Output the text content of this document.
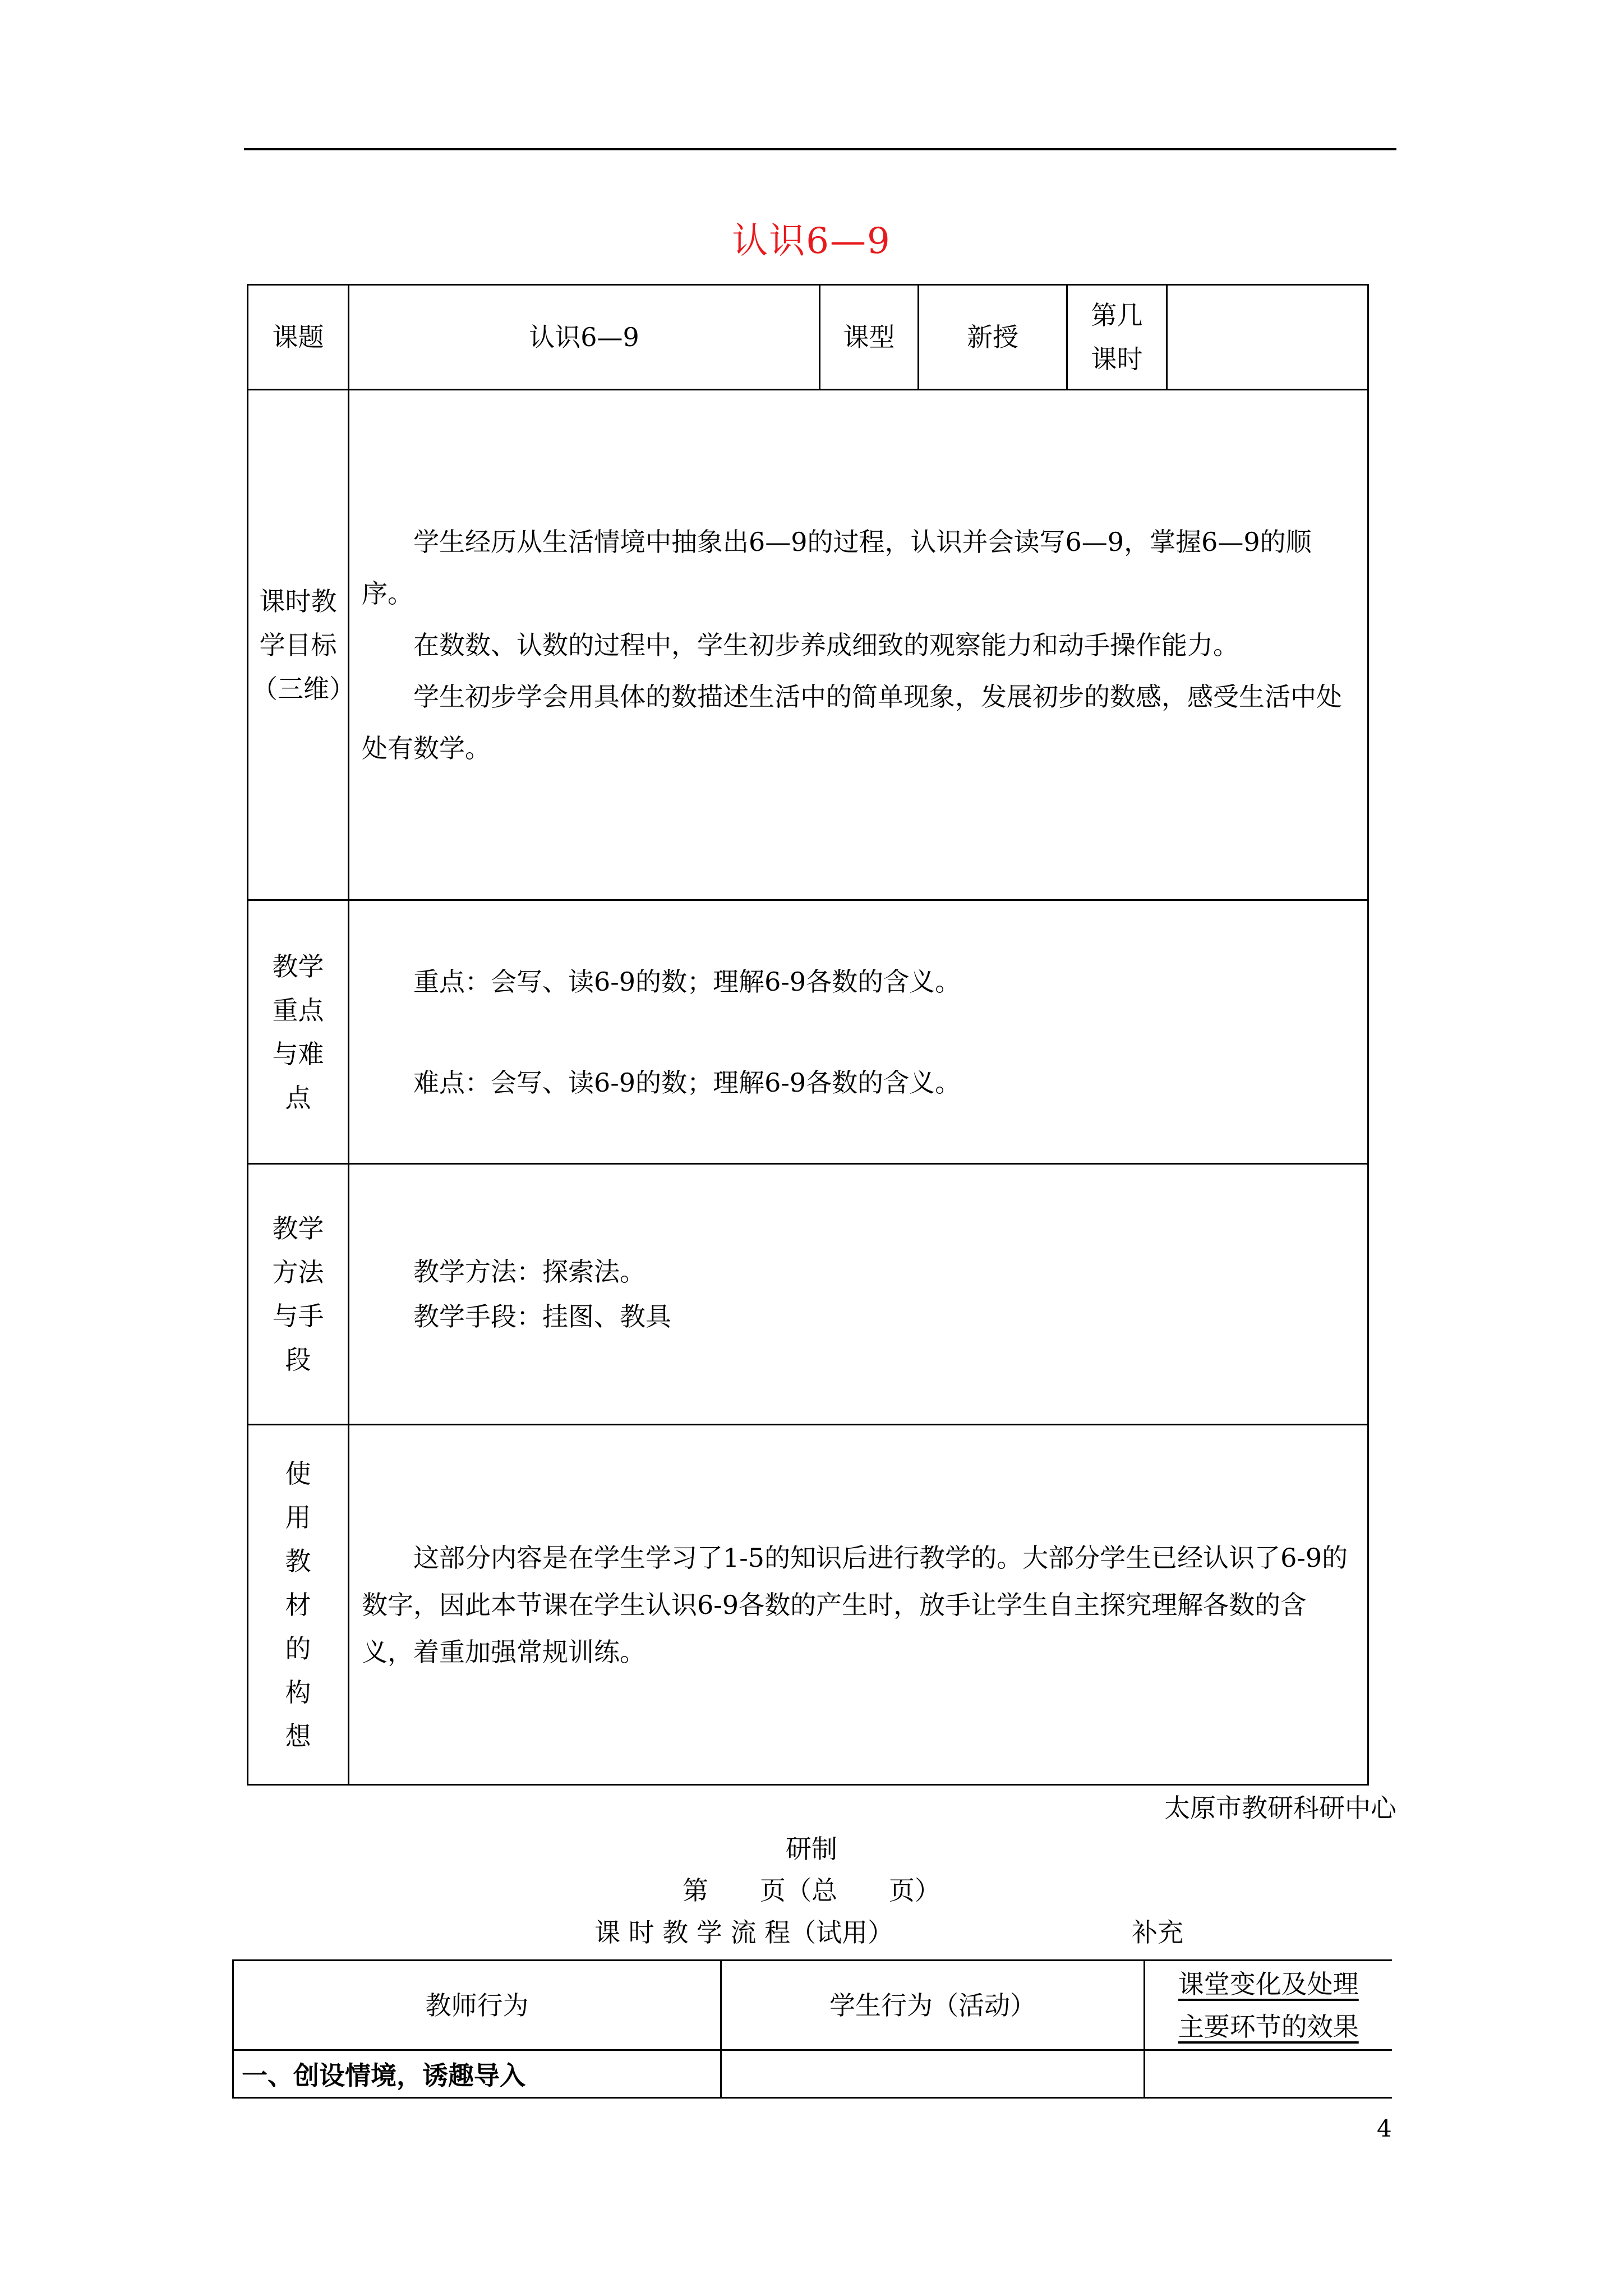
认识6—9
课题	认识6—9	课型	新授	第几课时	
课时教学目标（三维）	学生经历从生活情境中抽象出6—9的过程，认识并会读写6—9，掌握6—9的顺序。

在数数、认数的过程中，学生初步养成细致的观察能力和动手操作能力。

学生初步学会用具体的数描述生活中的简单现象，发展初步的数感，感受生活中处处有数学。				

教学重点与难点	重点：会写、读6-9的数；理解6-9各数的含义。

难点：会写、读6-9的数；理解6-9各数的含义。				

教学方法与手段	教学方法：探索法。

教学手段：挂图、教具				

使用教材的构想	这部分内容是在学生学习了1-5的知识后进行教学的。大部分学生已经认识了6-9的数字，因此本节课在学生认识6-9各数的产生时，放手让学生自主探究理解各数的含义，着重加强常规训练。				

太原市教研科研中心
研制
第　　页（总　　页）
课 时 教 学 流 程（试用）	补充
教师行为	学生行为（活动）	课堂变化及处理
主要环节的效果

一、创设情境，诱趣导入		
4
